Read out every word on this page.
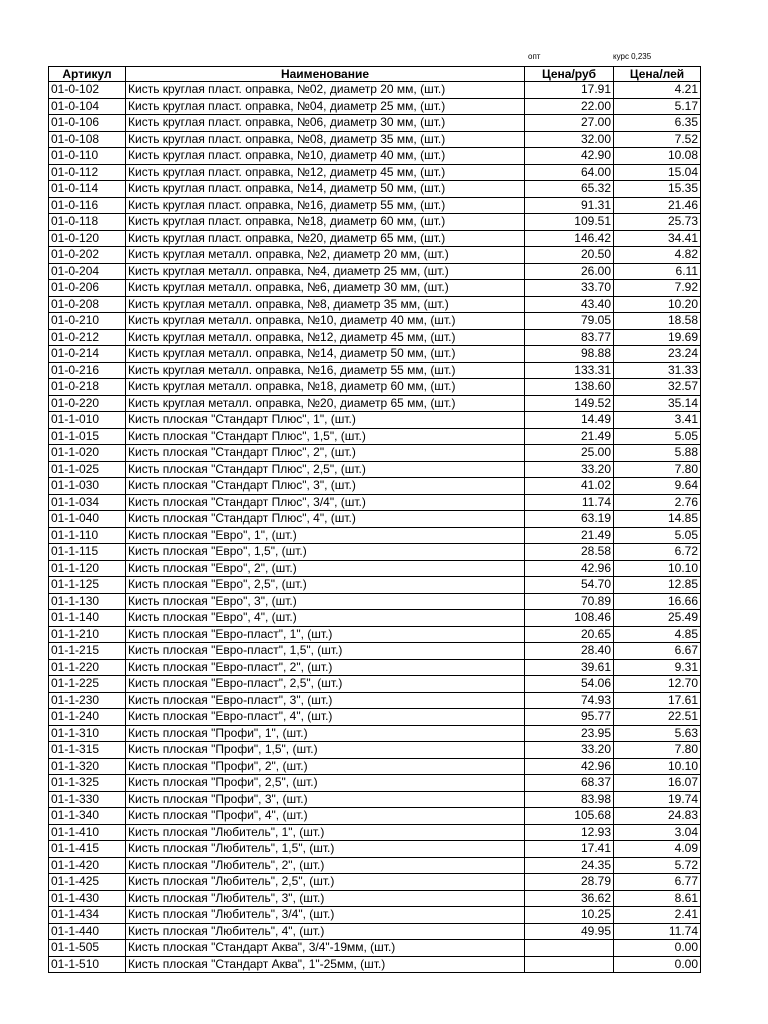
опт	курс 0,235
Артикул	Наименование	Цена/руб	Цена/лей
01-0-102	Кисть круглая пласт. оправка, №02, диаметр 20 мм, (шт.)	17.91	4.21
01-0-104	Кисть круглая пласт. оправка, №04, диаметр 25 мм, (шт.)	22.00	5.17
01-0-106	Кисть круглая пласт. оправка, №06, диаметр 30 мм, (шт.)	27.00	6.35
01-0-108	Кисть круглая пласт. оправка, №08, диаметр 35 мм, (шт.)	32.00	7.52
01-0-110	Кисть круглая пласт. оправка, №10, диаметр 40 мм, (шт.)	42.90	10.08
01-0-112	Кисть круглая пласт. оправка, №12, диаметр 45 мм, (шт.)	64.00	15.04
01-0-114	Кисть круглая пласт. оправка, №14, диаметр 50 мм, (шт.)	65.32	15.35
01-0-116	Кисть круглая пласт. оправка, №16, диаметр 55 мм, (шт.)	91.31	21.46
01-0-118	Кисть круглая пласт. оправка, №18, диаметр 60 мм, (шт.)	109.51	25.73
01-0-120	Кисть круглая пласт. оправка, №20, диаметр 65 мм, (шт.)	146.42	34.41
01-0-202	Кисть круглая металл. оправка, №2, диаметр 20 мм, (шт.)	20.50	4.82
01-0-204	Кисть круглая металл. оправка, №4, диаметр 25 мм, (шт.)	26.00	6.11
01-0-206	Кисть круглая металл. оправка, №6, диаметр 30 мм, (шт.)	33.70	7.92
01-0-208	Кисть круглая металл. оправка, №8, диаметр 35 мм, (шт.)	43.40	10.20
01-0-210	Кисть круглая металл. оправка, №10, диаметр 40 мм, (шт.)	79.05	18.58
01-0-212	Кисть круглая металл. оправка, №12, диаметр 45 мм, (шт.)	83.77	19.69
01-0-214	Кисть круглая металл. оправка, №14, диаметр 50 мм, (шт.)	98.88	23.24
01-0-216	Кисть круглая металл. оправка, №16, диаметр 55 мм, (шт.)	133.31	31.33
01-0-218	Кисть круглая металл. оправка, №18, диаметр 60 мм, (шт.)	138.60	32.57
01-0-220	Кисть круглая металл. оправка, №20, диаметр 65 мм, (шт.)	149.52	35.14
01-1-010	Кисть плоская "Стандарт Плюс", 1", (шт.)	14.49	3.41
01-1-015	Кисть плоская "Стандарт Плюс", 1,5", (шт.)	21.49	5.05
01-1-020	Кисть плоская "Стандарт Плюс", 2", (шт.)	25.00	5.88
01-1-025	Кисть плоская "Стандарт Плюс", 2,5", (шт.)	33.20	7.80
01-1-030	Кисть плоская "Стандарт Плюс", 3", (шт.)	41.02	9.64
01-1-034	Кисть плоская "Стандарт Плюс", 3/4", (шт.)	11.74	2.76
01-1-040	Кисть плоская "Стандарт Плюс", 4", (шт.)	63.19	14.85
01-1-110	Кисть плоская "Евро", 1", (шт.)	21.49	5.05
01-1-115	Кисть плоская "Евро", 1,5", (шт.)	28.58	6.72
01-1-120	Кисть плоская "Евро", 2", (шт.)	42.96	10.10
01-1-125	Кисть плоская "Евро", 2,5", (шт.)	54.70	12.85
01-1-130	Кисть плоская "Евро", 3", (шт.)	70.89	16.66
01-1-140	Кисть плоская "Евро", 4", (шт.)	108.46	25.49
01-1-210	Кисть плоская "Евро-пласт", 1", (шт.)	20.65	4.85
01-1-215	Кисть плоская "Евро-пласт", 1,5", (шт.)	28.40	6.67
01-1-220	Кисть плоская "Евро-пласт", 2", (шт.)	39.61	9.31
01-1-225	Кисть плоская "Евро-пласт", 2,5", (шт.)	54.06	12.70
01-1-230	Кисть плоская "Евро-пласт", 3", (шт.)	74.93	17.61
01-1-240	Кисть плоская "Евро-пласт", 4", (шт.)	95.77	22.51
01-1-310	Кисть плоская "Профи", 1", (шт.)	23.95	5.63
01-1-315	Кисть плоская "Профи", 1,5", (шт.)	33.20	7.80
01-1-320	Кисть плоская "Профи", 2", (шт.)	42.96	10.10
01-1-325	Кисть плоская "Профи", 2,5", (шт.)	68.37	16.07
01-1-330	Кисть плоская "Профи", 3", (шт.)	83.98	19.74
01-1-340	Кисть плоская "Профи", 4", (шт.)	105.68	24.83
01-1-410	Кисть плоская "Любитель", 1", (шт.)	12.93	3.04
01-1-415	Кисть плоская "Любитель", 1,5", (шт.)	17.41	4.09
01-1-420	Кисть плоская "Любитель", 2", (шт.)	24.35	5.72
01-1-425	Кисть плоская "Любитель", 2,5", (шт.)	28.79	6.77
01-1-430	Кисть плоская "Любитель", 3", (шт.)	36.62	8.61
01-1-434	Кисть плоская "Любитель", 3/4", (шт.)	10.25	2.41
01-1-440	Кисть плоская "Любитель", 4", (шт.)	49.95	11.74
01-1-505	Кисть плоская "Стандарт Аква", 3/4"-19мм, (шт.)		0.00
01-1-510	Кисть плоская "Стандарт Аква", 1"-25мм, (шт.)		0.00
